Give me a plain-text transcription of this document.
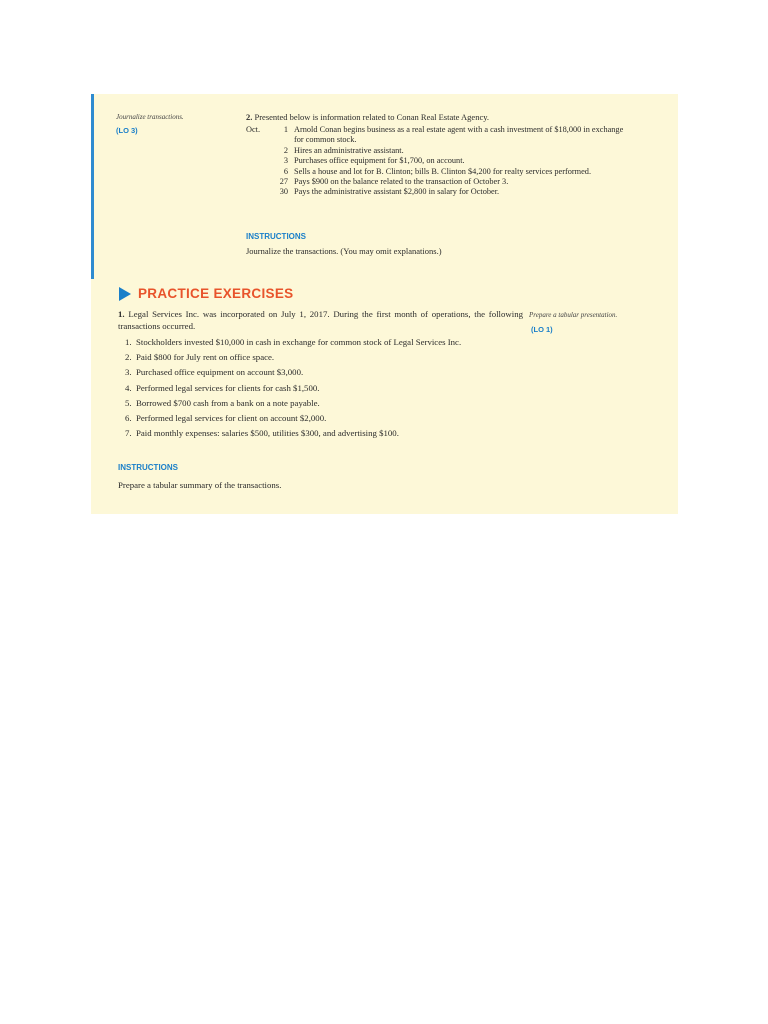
Journalize transactions.
(LO 3)
2. Presented below is information related to Conan Real Estate Agency.
Oct.	1 Arnold Conan begins business as a real estate agent with a cash investment of $18,000 in exchange for common stock.
2 Hires an administrative assistant.
3 Purchases office equipment for $1,700, on account.
6 Sells a house and lot for B. Clinton; bills B. Clinton $4,200 for realty services performed.
27 Pays $900 on the balance related to the transaction of October 3.
30 Pays the administrative assistant $2,800 in salary for October.
INSTRUCTIONS
Journalize the transactions. (You may omit explanations.)
PRACTICE EXERCISES
1. Legal Services Inc. was incorporated on July 1, 2017. During the first month of operations, the following transactions occurred.
Prepare a tabular presentation.
(LO 1)
1. Stockholders invested $10,000 in cash in exchange for common stock of Legal Services Inc.
2. Paid $800 for July rent on office space.
3. Purchased office equipment on account $3,000.
4. Performed legal services for clients for cash $1,500.
5. Borrowed $700 cash from a bank on a note payable.
6. Performed legal services for client on account $2,000.
7. Paid monthly expenses: salaries $500, utilities $300, and advertising $100.
INSTRUCTIONS
Prepare a tabular summary of the transactions.
